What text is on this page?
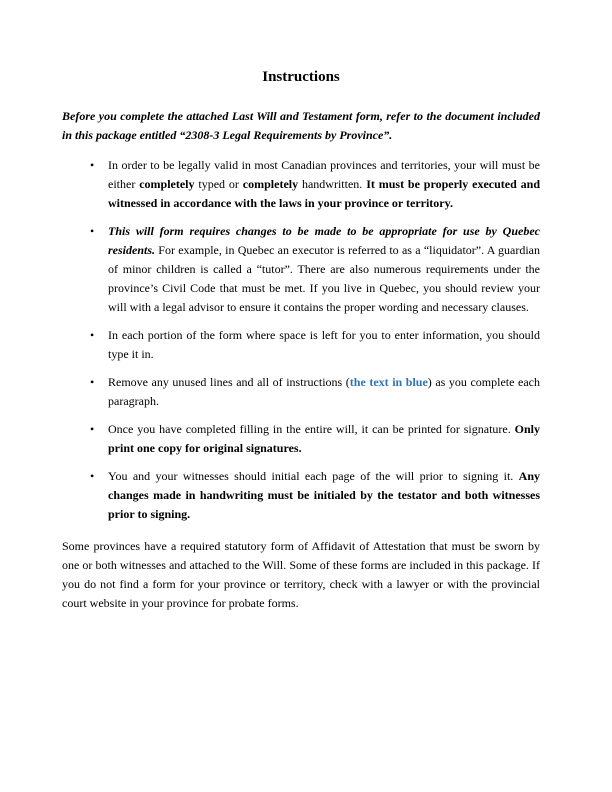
Instructions

Before you complete the attached Last Will and Testament form, refer to the document included in this package entitled “2308-3 Legal Requirements by Province”.

• In order to be legally valid in most Canadian provinces and territories, your will must be either completely typed or completely handwritten. It must be properly executed and witnessed in accordance with the laws in your province or territory.
• This will form requires changes to be made to be appropriate for use by Quebec residents. For example, in Quebec an executor is referred to as a “liquidator”. A guardian of minor children is called a “tutor”. There are also numerous requirements under the province’s Civil Code that must be met. If you live in Quebec, you should review your will with a legal advisor to ensure it contains the proper wording and necessary clauses.
• In each portion of the form where space is left for you to enter information, you should type it in.
• Remove any unused lines and all of instructions (the text in blue) as you complete each paragraph.
• Once you have completed filling in the entire will, it can be printed for signature. Only print one copy for original signatures.
• You and your witnesses should initial each page of the will prior to signing it. Any changes made in handwriting must be initialed by the testator and both witnesses prior to signing.

Some provinces have a required statutory form of Affidavit of Attestation that must be sworn by one or both witnesses and attached to the Will. Some of these forms are included in this package. If you do not find a form for your province or territory, check with a lawyer or with the provincial court website in your province for probate forms.
